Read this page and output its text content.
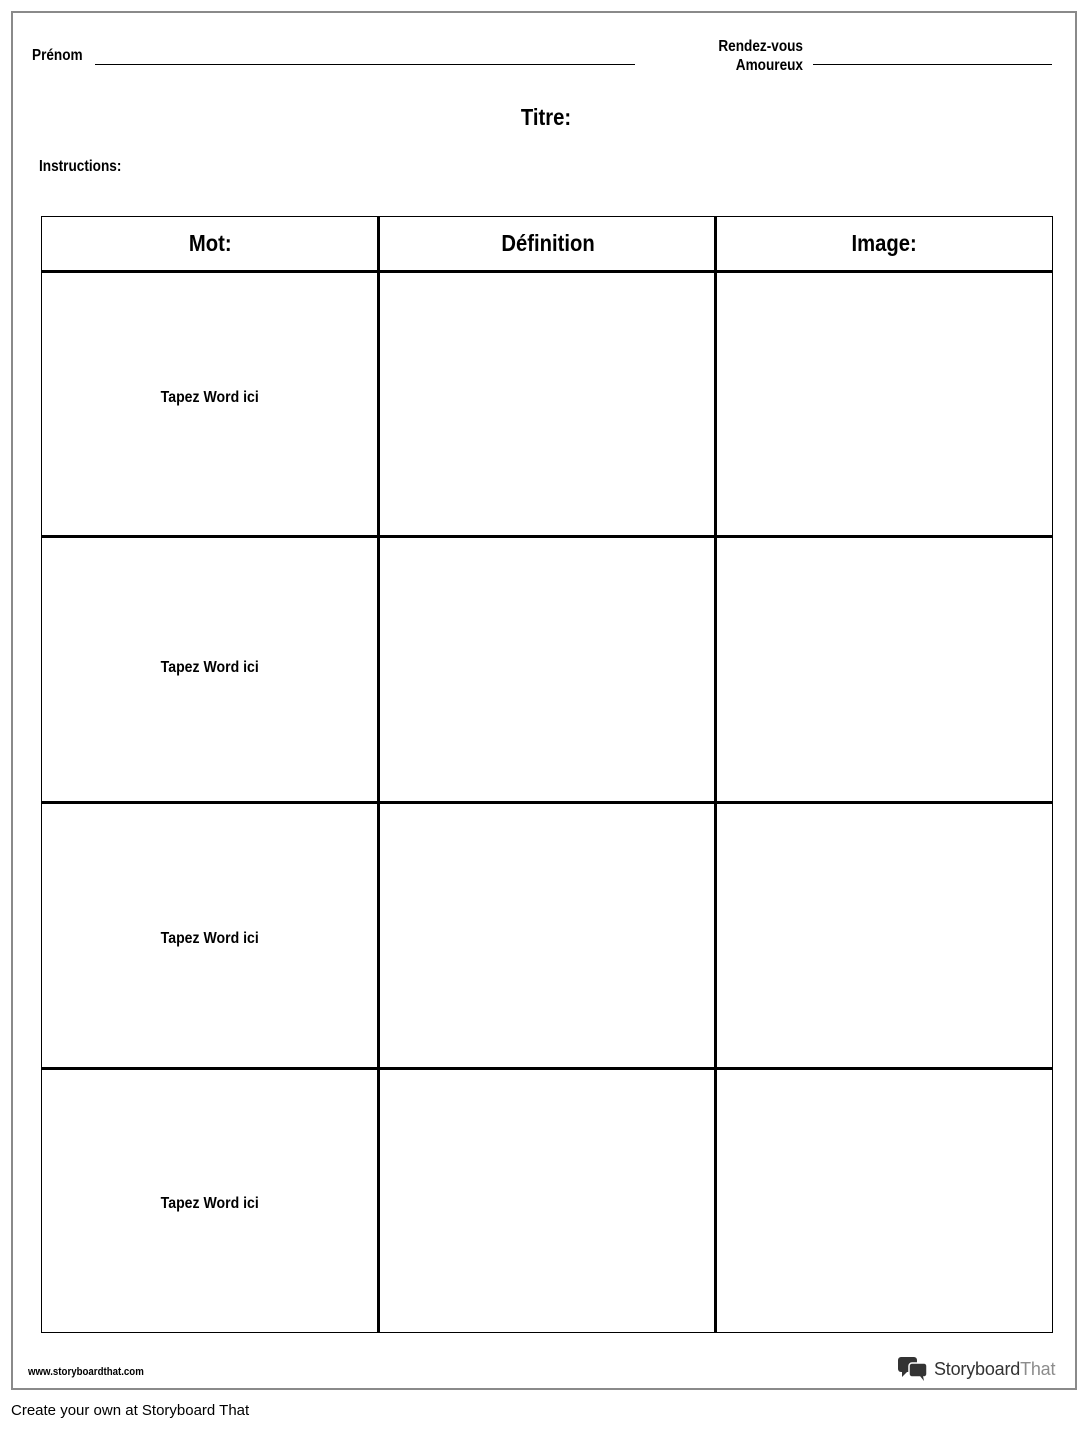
Prénom
Rendez-vous
Amoureux
Titre:
Instructions:
Mot:	Définition	Image:
Tapez Word ici
Tapez Word ici
Tapez Word ici
Tapez Word ici
www.storyboardthat.com	StoryboardThat
Create your own at Storyboard That
